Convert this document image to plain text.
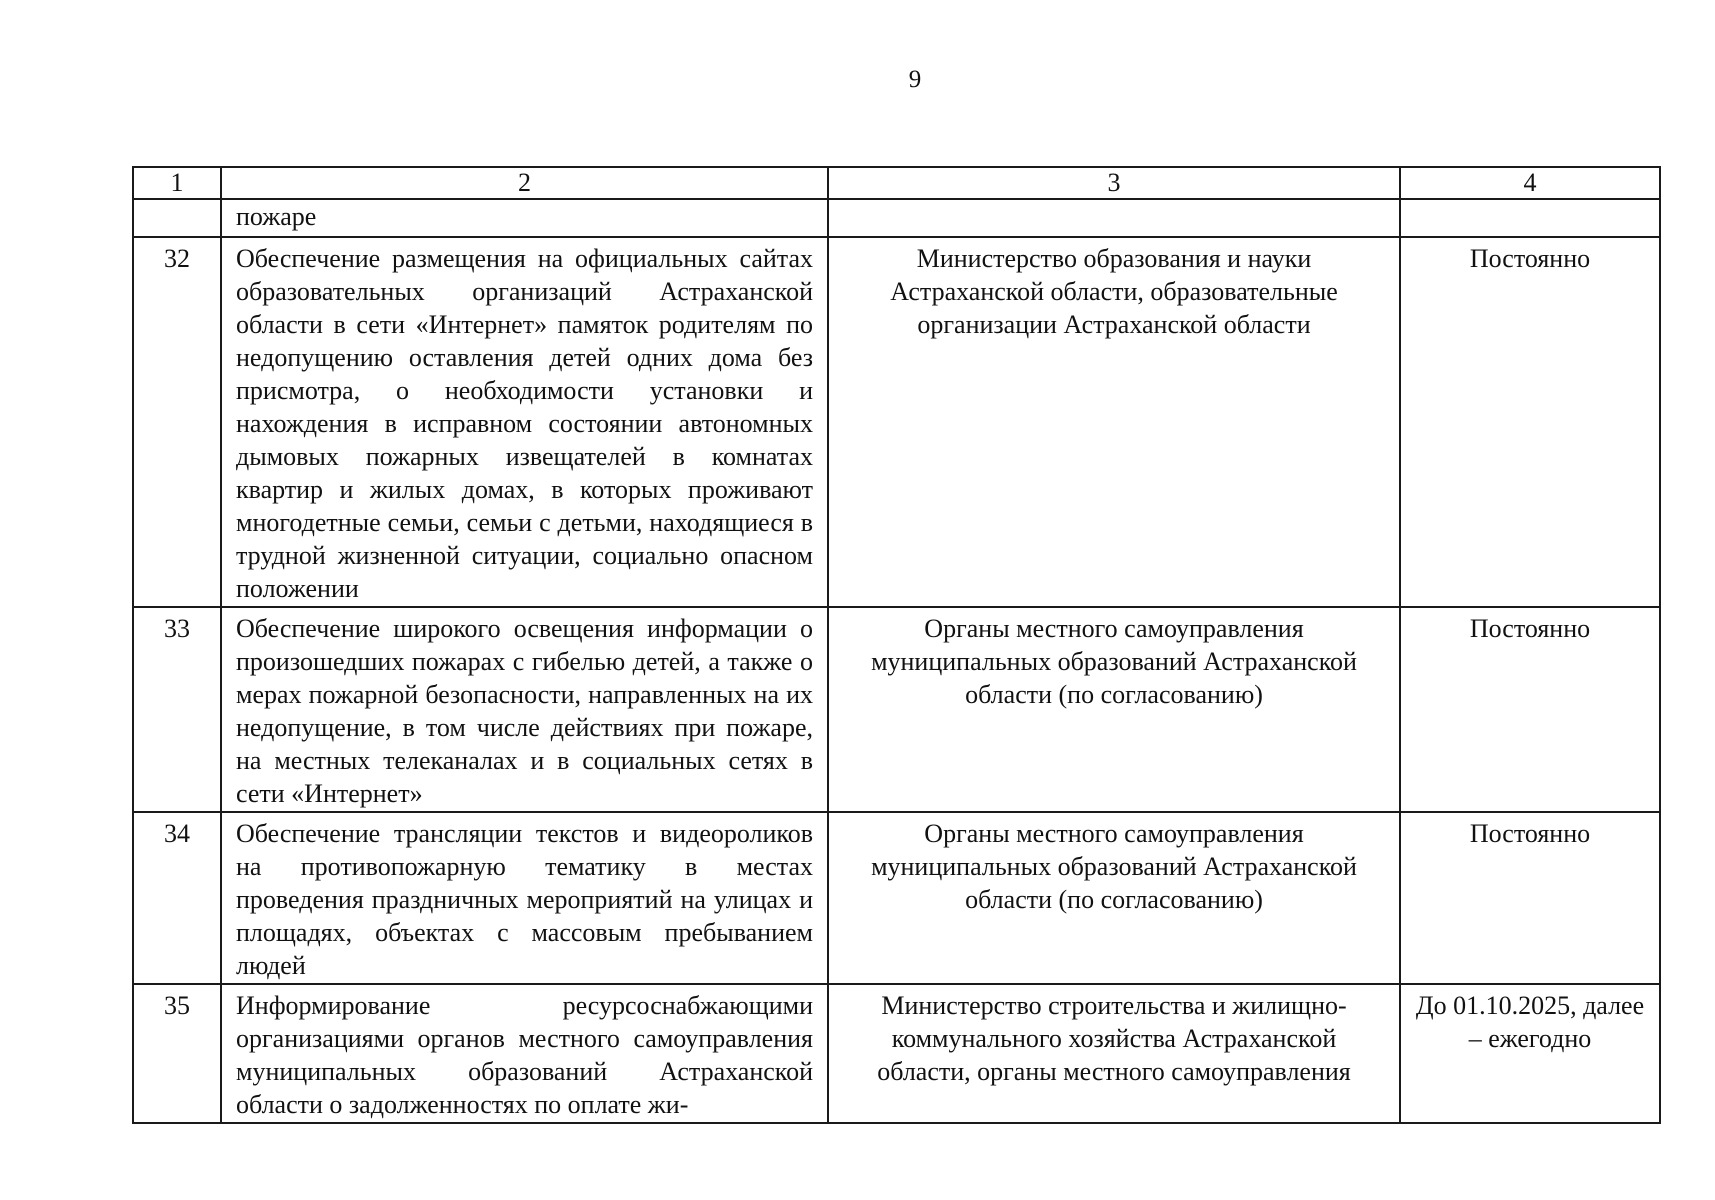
9
1	2	3	4
	пожаре		
32	Обеспечение размещения на официальных сайтах образовательных организаций Астраханской области в сети «Интернет» памяток родителям по недопущению оставления детей одних дома без присмотра, о необходимости установки и нахождения в исправном состоянии автономных дымовых пожарных извещателей в комнатах квартир и жилых домах, в которых проживают многодетные семьи, семьи с детьми, находящиеся в трудной жизненной ситуации, социально опасном положении	Министерство образования и науки Астраханской области, образовательные организации Астраханской области	Постоянно
33	Обеспечение широкого освещения информации о произошедших пожарах с гибелью детей, а также о мерах пожарной безопасности, направленных на их недопущение, в том числе действиях при пожаре, на местных телеканалах и в социальных сетях в сети «Интернет»	Органы местного самоуправления муниципальных образований Астраханской области (по согласованию)	Постоянно
34	Обеспечение трансляции текстов и видеороликов на противопожарную тематику в местах проведения праздничных мероприятий на улицах и площадях, объектах с массовым пребыванием людей	Органы местного самоуправления муниципальных образований Астраханской области (по согласованию)	Постоянно
35	Информирование ресурсоснабжающими организациями органов местного самоуправления муниципальных образований Астраханской области о задолженностях по оплате жи-	Министерство строительства и жилищно-коммунального хозяйства Астраханской области, органы местного самоуправления	До 01.10.2025, далее – ежегодно
